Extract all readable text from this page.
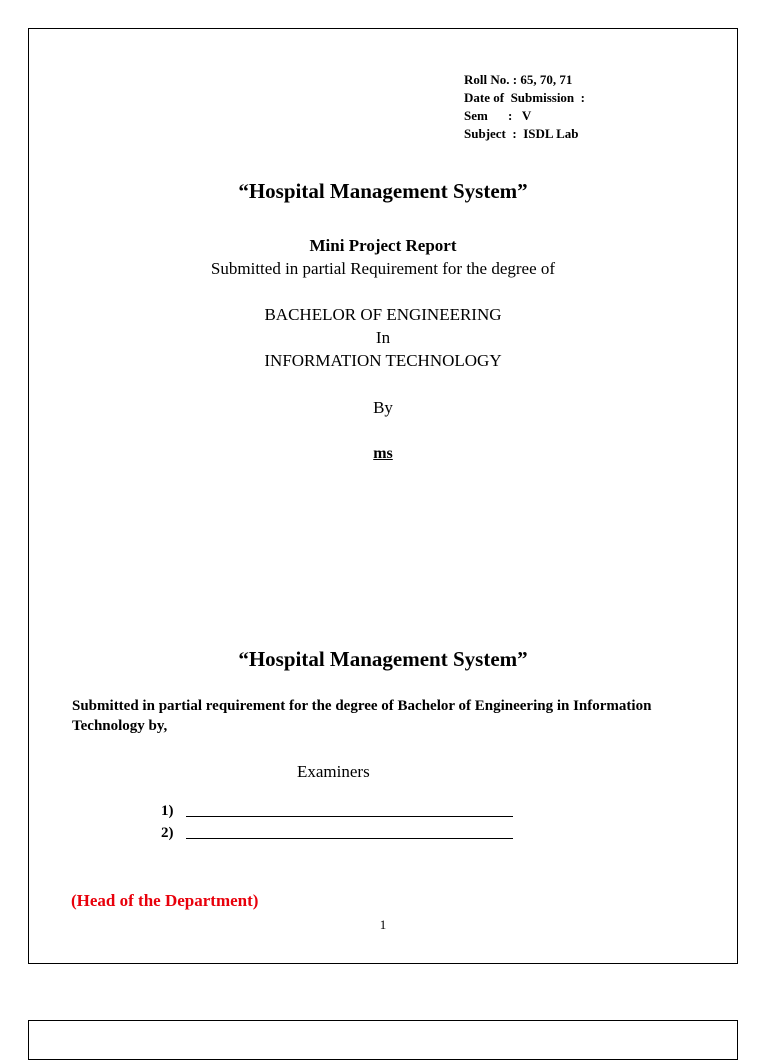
Roll No. : 65, 70, 71
Date of  Submission  :
Sem :   V
Subject  :  ISDL Lab
“Hospital Management System”
Mini Project Report
Submitted in partial Requirement for the degree of
BACHELOR OF ENGINEERING
In
INFORMATION TECHNOLOGY
By
ms
“Hospital Management System”
Submitted in partial requirement for the degree of Bachelor of Engineering in Information Technology by,
Examiners
1)
2)
(Head of the Department)
1
